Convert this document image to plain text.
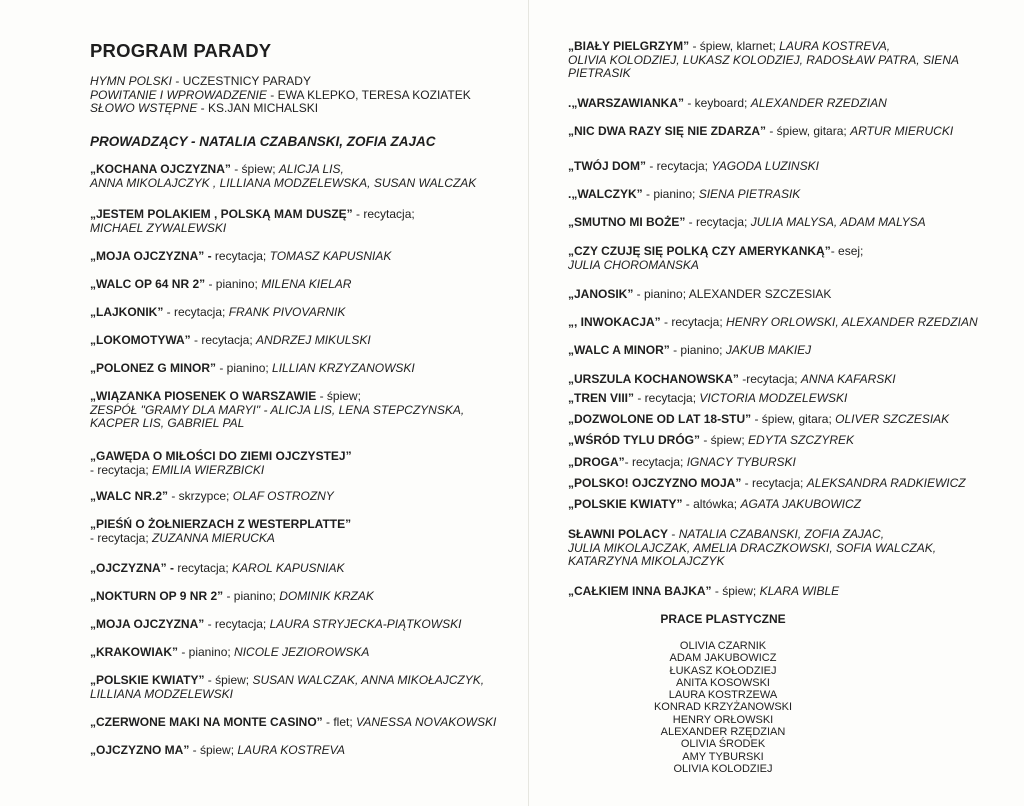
PROGRAM PARADY
HYMN POLSKI - UCZESTNICY PARADY
POWITANIE I WPROWADZENIE - EWA KLEPKO, TERESA KOZIATEK
SŁOWO WSTĘPNE - KS.JAN MICHALSKI
PROWADZĄCY - NATALIA CZABANSKI, ZOFIA ZAJAC
„KOCHANA OJCZYZNA” - śpiew; ALICJA LIS,
ANNA MIKOLAJCZYK , LILLIANA MODZELEWSKA, SUSAN WALCZAK
„JESTEM POLAKIEM , POLSKĄ MAM DUSZĘ” - recytacja;
MICHAEL ZYWALEWSKI
„MOJA OJCZYZNA” - recytacja; TOMASZ KAPUSNIAK
„WALC OP 64 NR 2” - pianino; MILENA KIELAR
„LAJKONIK” - recytacja; FRANK PIVOVARNIK
„LOKOMOTYWA” - recytacja; ANDRZEJ MIKULSKI
„POLONEZ G MINOR” - pianino; LILLIAN KRZYZANOWSKI
„WIĄZANKA PIOSENEK O WARSZAWIE - śpiew;
ZESPÓŁ "GRAMY DLA MARYI" - ALICJA LIS, LENA STEPCZYNSKA,
KACPER LIS, GABRIEL PAL
„GAWĘDA O MIŁOŚCI DO ZIEMI OJCZYSTEJ”
- recytacja; EMILIA WIERZBICKI
„WALC NR.2” - skrzypce; OLAF OSTROZNY
„PIEŚŃ O ŻOŁNIERZACH Z WESTERPLATTE”
- recytacja; ZUZANNA MIERUCKA
„OJCZYZNA” - recytacja; KAROL KAPUSNIAK
„NOKTURN OP 9 NR 2” - pianino; DOMINIK KRZAK
„MOJA OJCZYZNA” - recytacja; LAURA STRYJECKA-PIĄTKOWSKI
„KRAKOWIAK” - pianino; NICOLE JEZIOROWSKA
„POLSKIE KWIATY” - śpiew; SUSAN WALCZAK, ANNA MIKOŁAJCZYK,
LILLIANA MODZELEWSKI
„CZERWONE MAKI NA MONTE CASINO” - flet; VANESSA NOVAKOWSKI
„OJCZYZNO MA” - śpiew; LAURA KOSTREVA
„BIAŁY PIELGRZYM” - śpiew, klarnet; LAURA KOSTREVA,
OLIVIA KOLODZIEJ, LUKASZ KOLODZIEJ, RADOSŁAW PATRA, SIENA
PIETRASIK
.„WARSZAWIANKA” - keyboard; ALEXANDER RZEDZIAN
„NIC DWA RAZY SIĘ NIE ZDARZA” - śpiew, gitara; ARTUR MIERUCKI
„TWÓJ DOM” - recytacja; YAGODA LUZINSKI
.„WALCZYK” - pianino; SIENA PIETRASIK
„SMUTNO MI BOŻE” - recytacja; JULIA MALYSA, ADAM MALYSA
„CZY CZUJĘ SIĘ POLKĄ CZY AMERYKANKĄ”- esej;
JULIA CHOROMANSKA
„JANOSIK” - pianino; ALEXANDER SZCZESIAK
„, INWOKACJA” - recytacja; HENRY ORLOWSKI, ALEXANDER RZEDZIAN
„WALC A MINOR” - pianino; JAKUB MAKIEJ
„URSZULA KOCHANOWSKA” -recytacja; ANNA KAFARSKI
„TREN VIII” - recytacja; VICTORIA MODZELEWSKI
„DOZWOLONE OD LAT 18-STU” - śpiew, gitara; OLIVER SZCZESIAK
„WŚRÓD TYLU DRÓG” - śpiew; EDYTA SZCZYREK
„DROGA”- recytacja; IGNACY TYBURSKI
„POLSKO! OJCZYZNO MOJA” - recytacja; ALEKSANDRA RADKIEWICZ
„POLSKIE KWIATY” - altówka; AGATA JAKUBOWICZ
SŁAWNI POLACY - NATALIA CZABANSKI, ZOFIA ZAJAC,
JULIA MIKOLAJCZAK, AMELIA DRACZKOWSKI, SOFIA WALCZAK,
KATARZYNA MIKOLAJCZYK
„CAŁKIEM INNA BAJKA” - śpiew; KLARA WIBLE
PRACE PLASTYCZNE
OLIVIA CZARNIK
ADAM JAKUBOWICZ
ŁUKASZ KOŁODZIEJ
ANITA KOSOWSKI
LAURA KOSTRZEWA
KONRAD KRZYŻANOWSKI
HENRY ORŁOWSKI
ALEXANDER RZĘDZIAN
OLIVIA ŚRODEK
AMY TYBURSKI
OLIVIA KOLODZIEJ
